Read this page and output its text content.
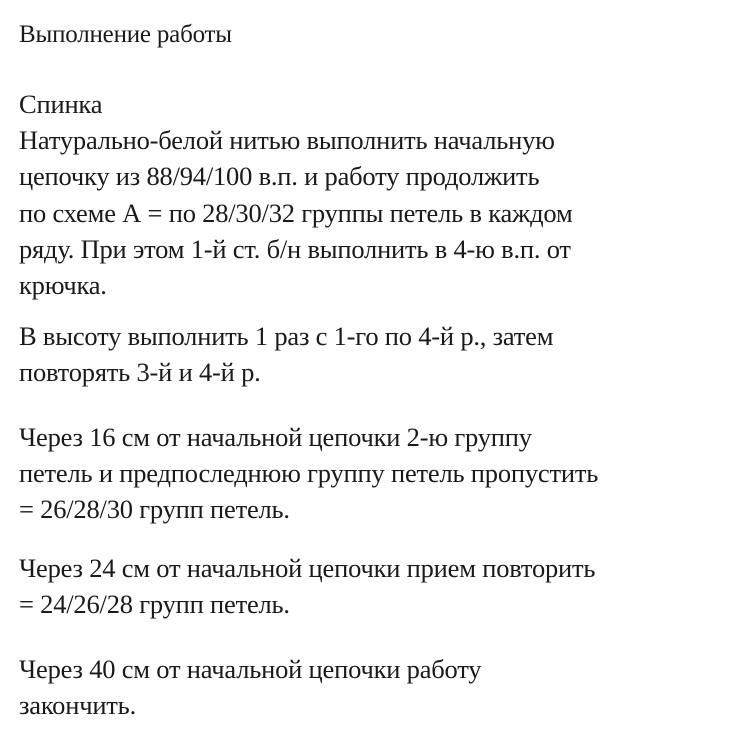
Выполнение работы

Спинка
Натурально-белой нитью выполнить начальную
цепочку из 88/94/100 в.п. и работу продолжить
по схеме А = по 28/30/32 группы петель в каждом
ряду. При этом 1-й ст. б/н выполнить в 4-ю в.п. от
крючка.

В высоту выполнить 1 раз с 1-го по 4-й р., затем
повторять 3-й и 4-й р.

Через 16 см от начальной цепочки 2-ю группу
петель и предпоследнюю группу петель пропустить
= 26/28/30 групп петель.

Через 24 см от начальной цепочки прием повторить
= 24/26/28 групп петель.

Через 40 см от начальной цепочки работу
закончить.
